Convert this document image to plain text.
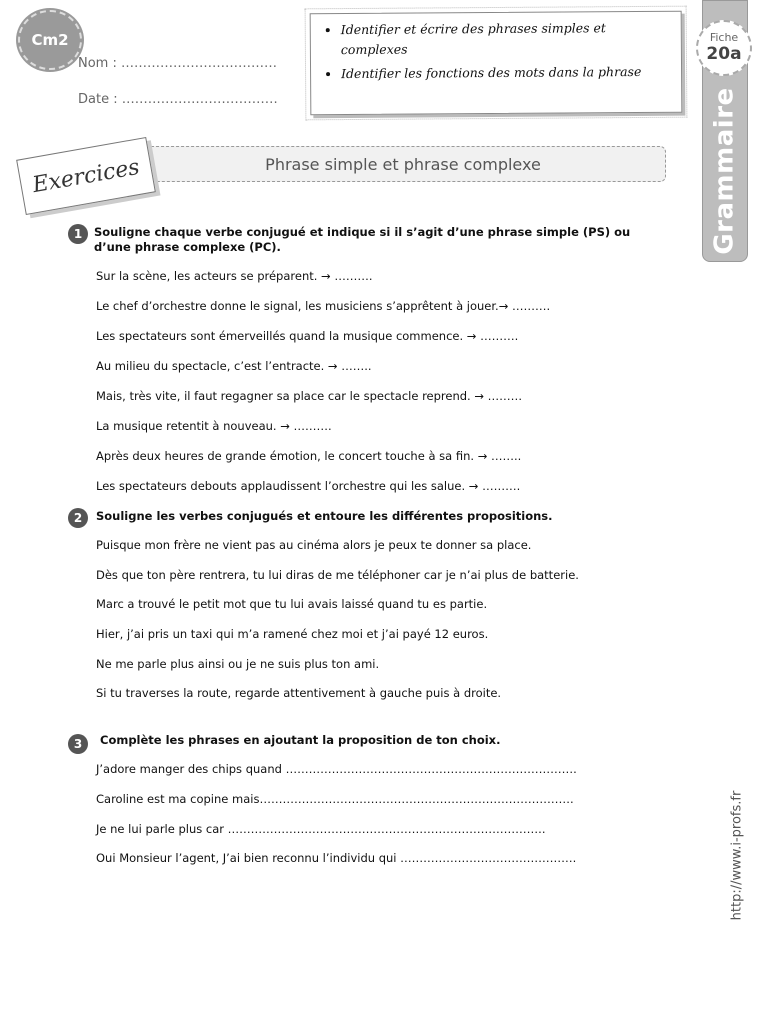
Cm2
Nom : ………………………………
Date : ………………………………
• Identifier et écrire des phrases simples et complexes
• Identifier les fonctions des mots dans la phrase
Fiche
20a
Grammaire
Exercices	Phrase simple et phrase complexe
1	Souligne chaque verbe conjugué et indique si il s’agit d’une phrase simple (PS) ou
d’une phrase complexe (PC).
Sur la scène, les acteurs se préparent. → ……….
Le chef d’orchestre donne le signal, les musiciens s’apprêtent à jouer.→ ……….
Les spectateurs sont émerveillés quand la musique commence. → ……….
Au milieu du spectacle, c’est l’entracte. → ……..
Mais, très vite, il faut regagner sa place car le spectacle reprend. → ………
La musique retentit à nouveau. → ……….
Après deux heures de grande émotion, le concert touche à sa fin. → ……..
Les spectateurs debouts applaudissent l’orchestre qui les salue. → ……….
2	Souligne les verbes conjugués et entoure les différentes propositions.
Puisque mon frère ne vient pas au cinéma alors je peux te donner sa place.
Dès que ton père rentrera, tu lui diras de me téléphoner car je n’ai plus de batterie.
Marc a trouvé le petit mot que tu lui avais laissé quand tu es partie.
Hier, j’ai pris un taxi qui m’a ramené chez moi et j’ai payé 12 euros.
Ne me parle plus ainsi ou je ne suis plus ton ami.
Si tu traverses la route, regarde attentivement à gauche puis à droite.
3	Complète les phrases en ajoutant la proposition de ton choix.
J’adore manger des chips quand ………………………………………………………………….
Caroline est ma copine mais……………………………………………………………………….
Je ne lui parle plus car ………………………………………………………………………..
Oui Monsieur l’agent, J’ai bien reconnu l’individu qui ……………………………………….	http://www.i-profs.fr
